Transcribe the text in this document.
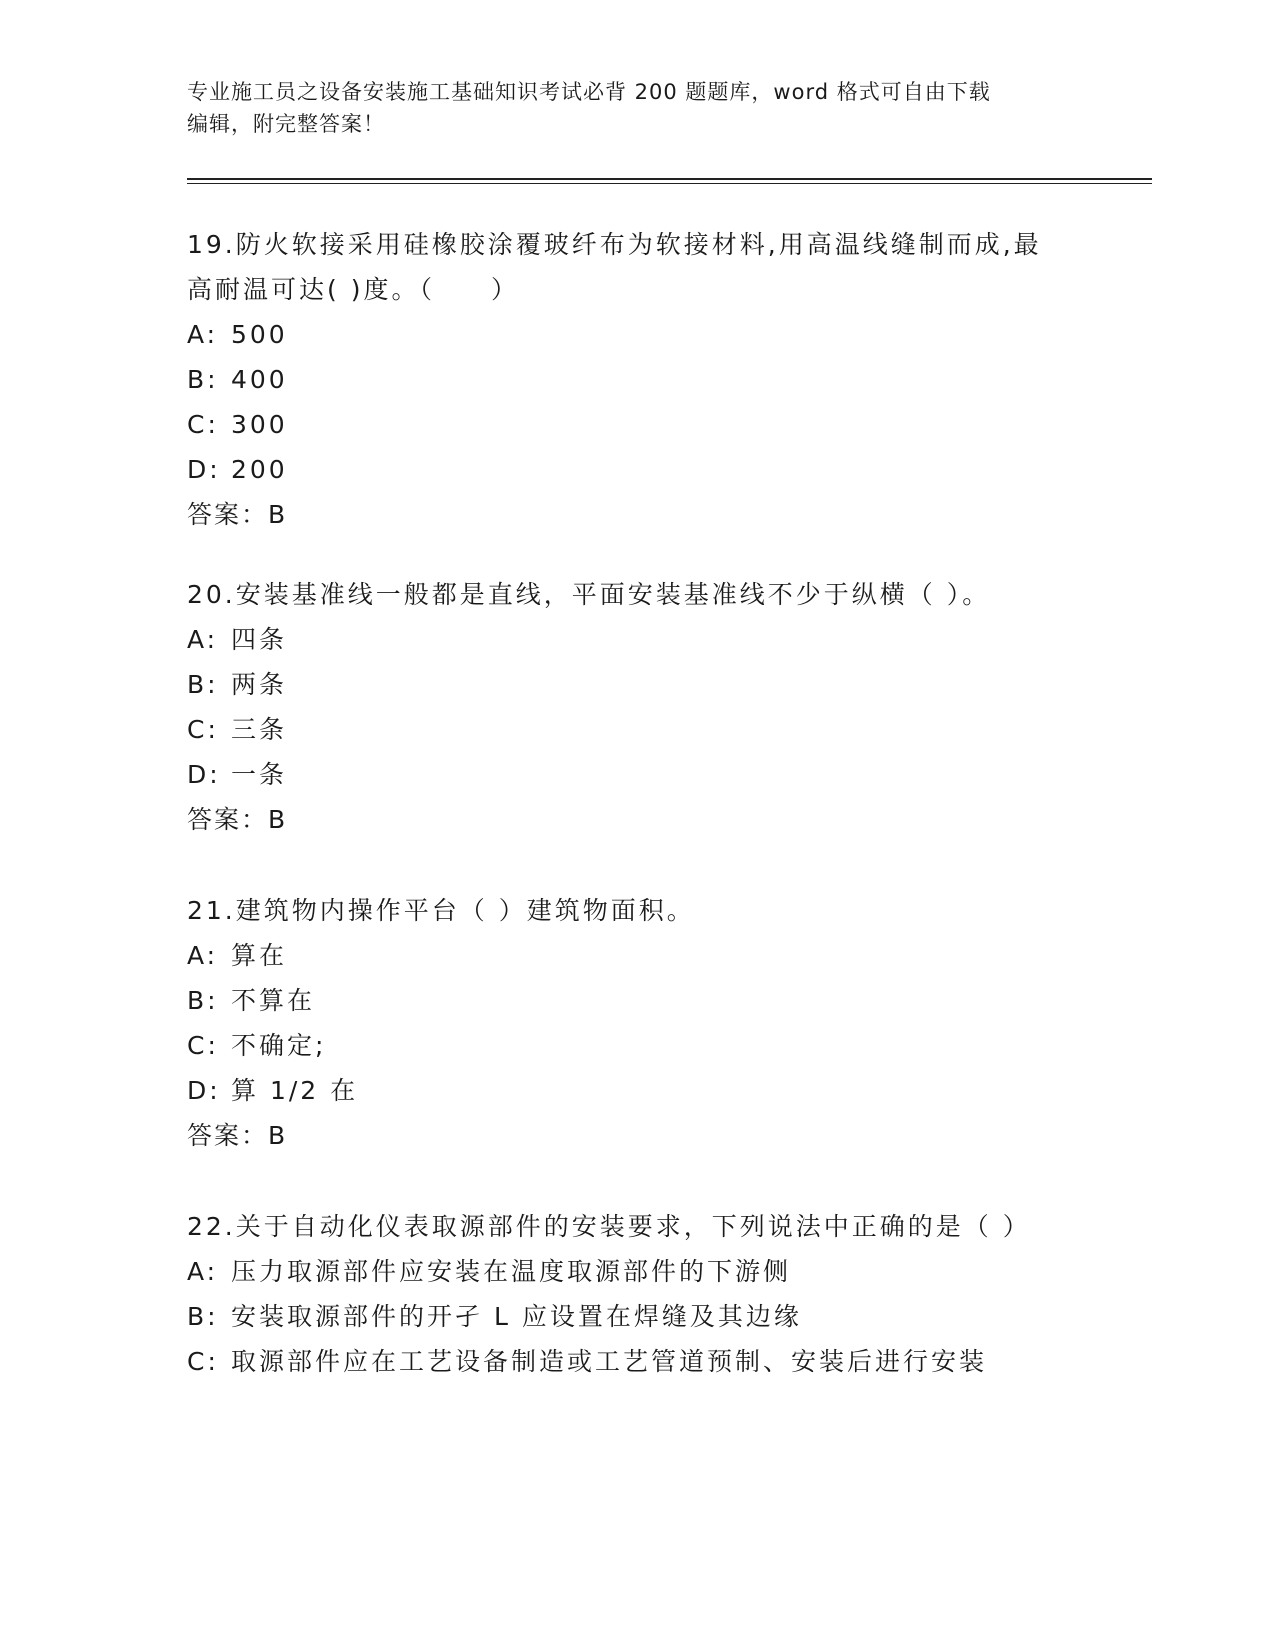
专业施工员之设备安装施工基础知识考试必背 200 题题库，word 格式可自由下载
编辑，附完整答案！

19.防火软接采用硅橡胶涂覆玻纤布为软接材料,用高温线缝制而成,最

高耐温可达( )度。（　　）

A: 500

B: 400

C: 300

D: 200

答案：B

20.安装基准线一般都是直线，平面安装基准线不少于纵横（ ）。

A: 四条

B: 两条

C: 三条

D: 一条

答案：B

21.建筑物内操作平台（ ）建筑物面积。

A: 算在

B: 不算在

C: 不确定;

D: 算 1/2 在

答案：B

22.关于自动化仪表取源部件的安装要求，下列说法中正确的是（ ）

A: 压力取源部件应安装在温度取源部件的下游侧

B: 安装取源部件的开孑 L 应设置在焊缝及其边缘

C: 取源部件应在工艺设备制造或工艺管道预制、安装后进行安装
